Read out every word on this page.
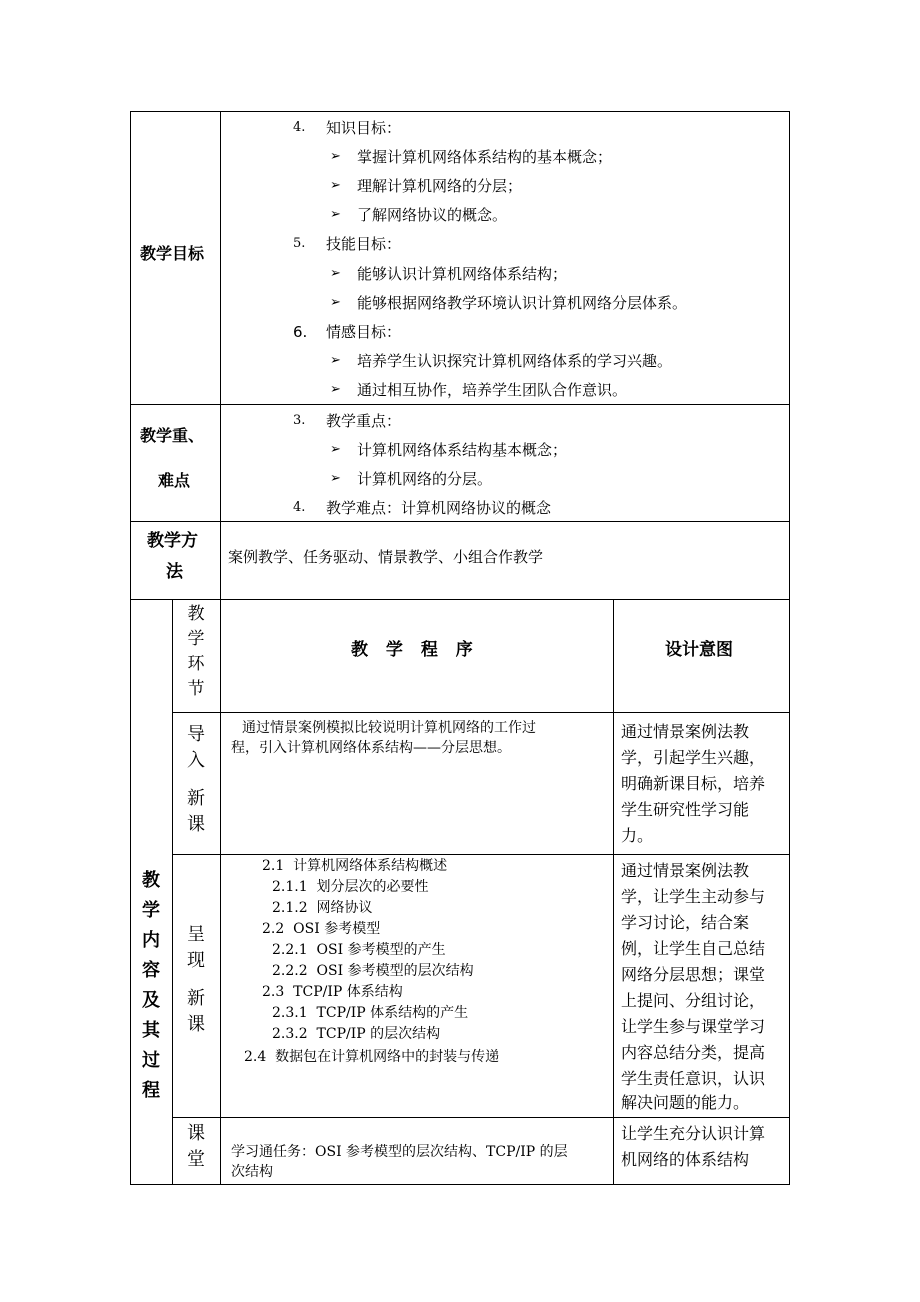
教学目标
4. 知识目标：
➢ 掌握计算机网络体系结构的基本概念；
➢ 理解计算机网络的分层；
➢ 了解网络协议的概念。
5. 技能目标：
➢ 能够认识计算机网络体系结构；
➢ 能够根据网络教学环境认识计算机网络分层体系。
6. 情感目标：
➢ 培养学生认识探究计算机网络体系的学习兴趣。
➢ 通过相互协作，培养学生团队合作意识。
教学重、
难点
3. 教学重点：
➢ 计算机网络体系结构基本概念；
➢ 计算机网络的分层。
4. 教学难点：计算机网络协议的概念
教学方
法
案例教学、任务驱动、情景教学、小组合作教学
教
学
内
容
及
其
过
程
教
学
环
节
教 学 程 序	设计意图
导
入
新
课
通过情景案例模拟比较说明计算机网络的工作过
程，引入计算机网络体系结构——分层思想。
通过情景案例法教
学，引起学生兴趣，
明确新课目标，培养
学生研究性学习能
力。
呈
现
新
课
2.1  计算机网络体系结构概述
2.1.1  划分层次的必要性
2.1.2  网络协议
2.2  OSI 参考模型
2.2.1  OSI 参考模型的产生
2.2.2  OSI 参考模型的层次结构
2.3  TCP/IP 体系结构
2.3.1  TCP/IP 体系结构的产生
2.3.2  TCP/IP 的层次结构
2.4  数据包在计算机网络中的封装与传递
通过情景案例法教
学，让学生主动参与
学习讨论，结合案
例，让学生自己总结
网络分层思想；课堂
上提问、分组讨论，
让学生参与课堂学习
内容总结分类，提高
学生责任意识，认识
解决问题的能力。
课
堂	学习通任务：OSI 参考模型的层次结构、TCP/IP 的层
次结构
让学生充分认识计算
机网络的体系结构
